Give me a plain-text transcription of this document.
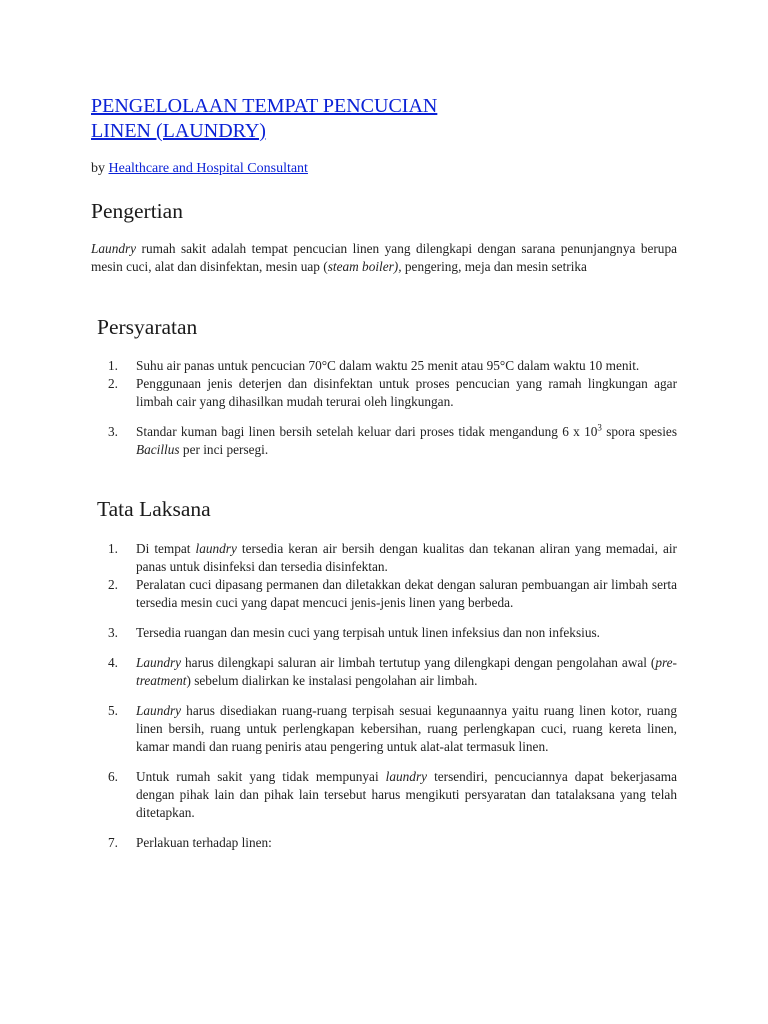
PENGELOLAAN TEMPAT PENCUCIAN
LINEN (LAUNDRY)

by Healthcare and Hospital Consultant

Pengertian

Laundry rumah sakit adalah tempat pencucian linen yang dilengkapi dengan sarana penunjangnya berupa mesin cuci, alat dan disinfektan, mesin uap (steam boiler), pengering, meja dan mesin setrika

Persyaratan
1. Suhu air panas untuk pencucian 70°C dalam waktu 25 menit atau 95°C dalam waktu 10 menit.
2. Penggunaan jenis deterjen dan disinfektan untuk proses pencucian yang ramah lingkungan agar limbah cair yang dihasilkan mudah terurai oleh lingkungan.
3. Standar kuman bagi linen bersih setelah keluar dari proses tidak mengandung 6 x $10^3$ spora spesies Bacillus per inci persegi.
Tata Laksana
1. Di tempat laundry tersedia keran air bersih dengan kualitas dan tekanan aliran yang memadai, air panas untuk disinfeksi dan tersedia disinfektan.
2. Peralatan cuci dipasang permanen dan diletakkan dekat dengan saluran pembuangan air limbah serta tersedia mesin cuci yang dapat mencuci jenis-jenis linen yang berbeda.
3. Tersedia ruangan dan mesin cuci yang terpisah untuk linen infeksius dan non infeksius.
4. Laundry harus dilengkapi saluran air limbah tertutup yang dilengkapi dengan pengolahan awal (pre-treatment) sebelum dialirkan ke instalasi pengolahan air limbah.
5. Laundry harus disediakan ruang-ruang terpisah sesuai kegunaannya yaitu ruang linen kotor, ruang linen bersih, ruang untuk perlengkapan kebersihan, ruang perlengkapan cuci, ruang kereta linen, kamar mandi dan ruang peniris atau pengering untuk alat-alat termasuk linen.
6. Untuk rumah sakit yang tidak mempunyai laundry tersendiri, pencuciannya dapat bekerjasama dengan pihak lain dan pihak lain tersebut harus mengikuti persyaratan dan tatalaksana yang telah ditetapkan.
7. Perlakuan terhadap linen:
